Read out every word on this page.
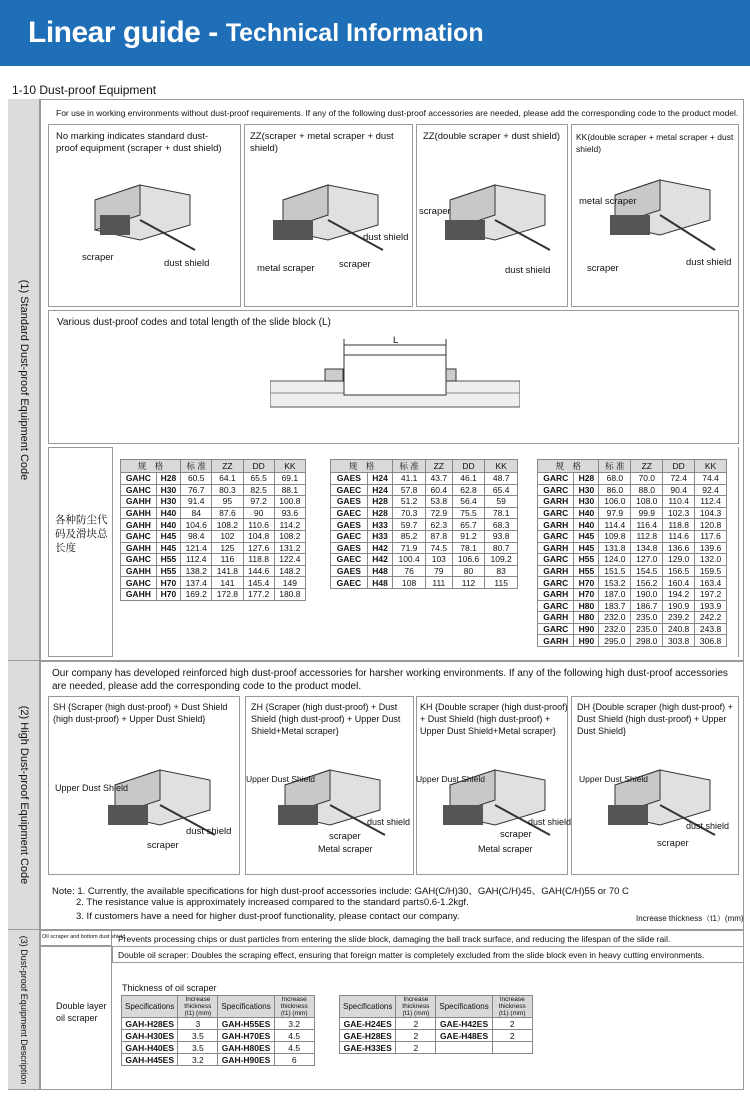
Linear guide - Technical Information
1-10 Dust-proof Equipment
(1) Standard Dust-proof Equipment Code
For use in working environments without dust-proof requirements. If any of the following dust-proof accessories are needed, please add the corresponding code to the product model.
No marking indicates standard dust-proof equipment (scraper + dust shield)
ZZ(scraper + metal scraper + dust shield)
ZZ(double scraper + dust shield)	KK(double scraper + metal scraper + dust shield)
scraper
dust shield
dust shield
metal scraper	scraper
scraper
dust shield
metal scraper
scraper
dust shield
Various dust-proof codes and total length of the slide block (L)
L
各种防尘代码及滑块总长度
规　格		标 准	ZZ	DD	KK
GAHC	H28	60.5	64.1	65.5	69.1
GAHC	H30	76.7	80.3	82.5	88.1
GAHH	H30	91.4	95	97.2	100.8
GAHH	H40	84	87.6	90	93.6
GAHH	H40	104.6	108.2	110.6	114.2
GAHC	H45	98.4	102	104.8	108.2
GAHH	H45	121.4	125	127.6	131.2
GAHC	H55	112.4	116	118.8	122.4
GAHH	H55	138.2	141.8	144.6	148.2
GAHC	H70	137.4	141	145.4	149
GAHH	H70	169.2	172.8	177.2	180.8
规　格		标 准	ZZ	DD	KK
GAES	H24	41.1	43.7	46.1	48.7
GAEC	H24	57.8	60.4	62.8	65.4
GAES	H28	51.2	53.8	56.4	59
GAEC	H28	70.3	72.9	75.5	78.1
GAES	H33	59.7	62.3	65.7	68.3
GAEC	H33	85.2	87.8	91.2	93.8
GAES	H42	71.9	74.5	78.1	80.7
GAEC	H42	100.4	103	106.6	109.2
GAES	H48	76	79	80	83
GAEC	H48	108	111	112	115
规　格		标 准	ZZ	DD	KK
GARC	H28	68.0	70.0	72.4	74.4
GARC	H30	86.0	88.0	90.4	92.4
GARH	H30	106.0	108.0	110.4	112.4
GARC	H40	97.9	99.9	102.3	104.3
GARH	H40	114.4	116.4	118.8	120.8
GARC	H45	109.8	112.8	114.6	117.6
GARH	H45	131.8	134.8	136.6	139.6
GARC	H55	124.0	127.0	129.0	132.0
GARH	H55	151.5	154.5	156.5	159.5
GARC	H70	153.2	156.2	160.4	163.4
GARH	H70	187.0	190.0	194.2	197.2
GARC	H80	183.7	186.7	190.9	193.9
GARH	H80	232.0	235.0	239.2	242.2
GARC	H90	232.0	235.0	240.8	243.8
GARH	H90	295.0	298.0	303.8	306.8
(2) High Dust-proof Equipment Code
Our company has developed reinforced high dust-proof accessories for harsher working environments. If any of the following high dust-proof accessories are needed, please add the corresponding code to the product model.
SH {Scraper (high dust-proof) + Dust Shield (high dust-proof) + Upper Dust Shield}
ZH {Scraper (high dust-proof) + Dust Shield (high dust-proof) + Upper Dust Shield+Metal scraper}
KH {Double scraper (high dust-proof) + Dust Shield (high dust-proof) + Upper Dust Shield+Metal scraper}
DH {Double scraper (high dust-proof) + Dust Shield (high dust-proof) + Upper Dust Shield}
Upper Dust Shield
dust shield
scraper
Upper Dust Shield
dust shield
scraper
Metal scraper
Upper Dust Shield
dust shield
scraper
Metal scraper
Upper Dust Shield
dust shield
scraper
Note: 1. Currently, the available specifications for high dust-proof accessories include: GAH(C/H)30、GAH(C/H)45、GAH(C/H)55 or 70 C
2. The resistance value is approximately increased compared to the standard parts0.6-1.2kgf.
3. If customers have a need for higher dust-proof functionality, please contact our company.	Increase thickness（t1）(mm)
(3) Dust-proof Equipment Description Oil scraper and bottom dust shield
Prevents processing chips or dust particles from entering the slide block, damaging the ball track surface, and reducing the lifespan of the slide rail.
Double layer oil scraper
Double oil scraper: Doubles the scraping effect, ensuring that foreign matter is completely excluded from the slide block even in heavy cutting environments.
Thickness of oil scraper
Specifications	Increase thickness (t1) (mm)	Specifications	Increase thickness (t1) (mm)
GAH-H28ES	3	GAH-H55ES	3.2
GAH-H30ES	3.5	GAH-H70ES	4.5
GAH-H40ES	3.5	GAH-H80ES	4.5
GAH-H45ES	3.2	GAH-H90ES	6
Specifications	Increase thickness (t1) (mm)	Specifications	Increase thickness (t1) (mm)
GAE-H24ES	2	GAE-H42ES	2
GAE-H28ES	2	GAE-H48ES	2
GAE-H33ES	2		
